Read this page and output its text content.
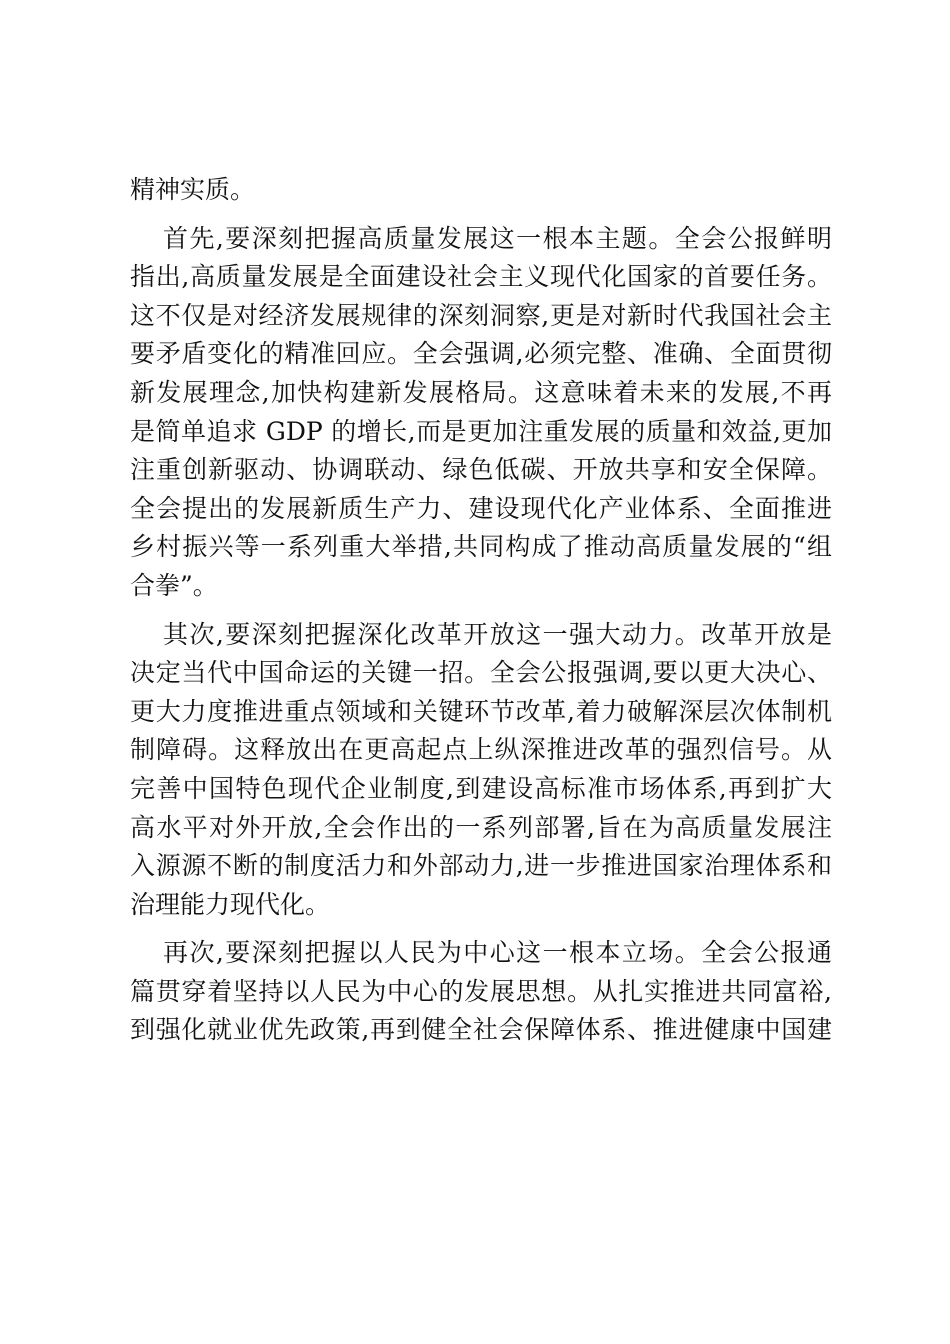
精神实质。
首先,要深刻把握高质量发展这一根本主题。全会公报鲜明
指出,高质量发展是全面建设社会主义现代化国家的首要任务。
这不仅是对经济发展规律的深刻洞察,更是对新时代我国社会主
要矛盾变化的精准回应。全会强调,必须完整、准确、全面贯彻
新发展理念,加快构建新发展格局。这意味着未来的发展,不再
是简单追求 GDP 的增长,而是更加注重发展的质量和效益,更加
注重创新驱动、协调联动、绿色低碳、开放共享和安全保障。
全会提出的发展新质生产力、建设现代化产业体系、全面推进
乡村振兴等一系列重大举措,共同构成了推动高质量发展的“组
合拳”。
其次,要深刻把握深化改革开放这一强大动力。改革开放是
决定当代中国命运的关键一招。全会公报强调,要以更大决心、
更大力度推进重点领域和关键环节改革,着力破解深层次体制机
制障碍。这释放出在更高起点上纵深推进改革的强烈信号。从
完善中国特色现代企业制度,到建设高标准市场体系,再到扩大
高水平对外开放,全会作出的一系列部署,旨在为高质量发展注
入源源不断的制度活力和外部动力,进一步推进国家治理体系和
治理能力现代化。
再次,要深刻把握以人民为中心这一根本立场。全会公报通
篇贯穿着坚持以人民为中心的发展思想。从扎实推进共同富裕,
到强化就业优先政策,再到健全社会保障体系、推进健康中国建
